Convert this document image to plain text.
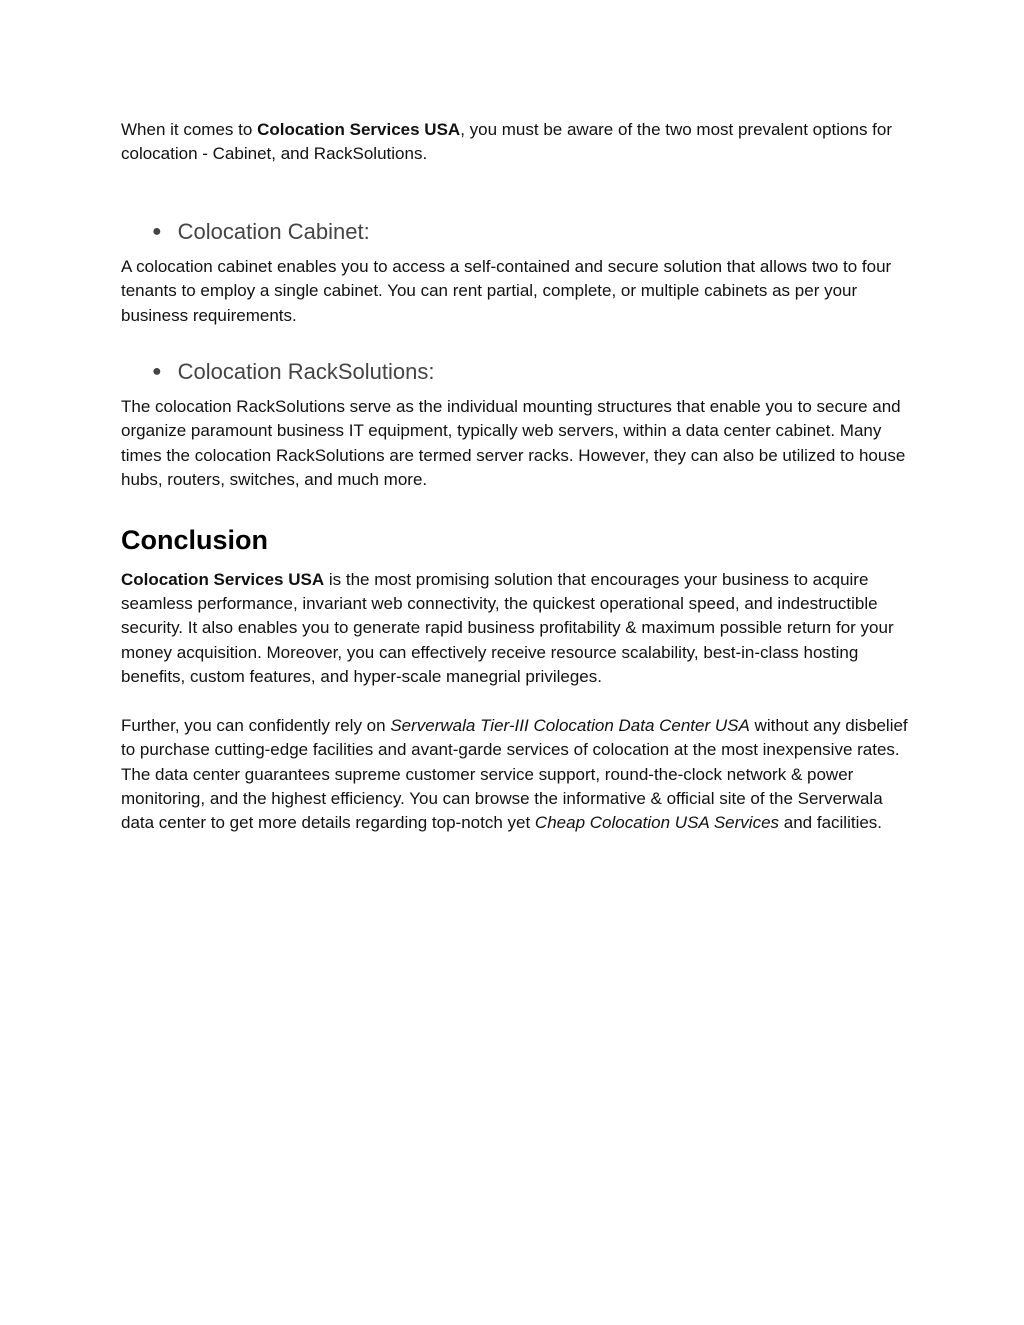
When it comes to Colocation Services USA, you must be aware of the two most prevalent options for colocation - Cabinet, and RackSolutions.

● Colocation Cabinet:

A colocation cabinet enables you to access a self-contained and secure solution that allows two to four tenants to employ a single cabinet. You can rent partial, complete, or multiple cabinets as per your business requirements.

● Colocation RackSolutions:

The colocation RackSolutions serve as the individual mounting structures that enable you to secure and organize paramount business IT equipment, typically web servers, within a data center cabinet. Many times the colocation RackSolutions are termed server racks. However, they can also be utilized to house hubs, routers, switches, and much more.

Conclusion

Colocation Services USA is the most promising solution that encourages your business to acquire seamless performance, invariant web connectivity, the quickest operational speed, and indestructible security. It also enables you to generate rapid business profitability & maximum possible return for your money acquisition. Moreover, you can effectively receive resource scalability, best-in-class hosting benefits, custom features, and hyper-scale manegrial privileges.

Further, you can confidently rely on Serverwala Tier-III Colocation Data Center USA without any disbelief to purchase cutting-edge facilities and avant-garde services of colocation at the most inexpensive rates. The data center guarantees supreme customer service support, round-the-clock network & power monitoring, and the highest efficiency. You can browse the informative & official site of the Serverwala data center to get more details regarding top-notch yet Cheap Colocation USA Services and facilities.
